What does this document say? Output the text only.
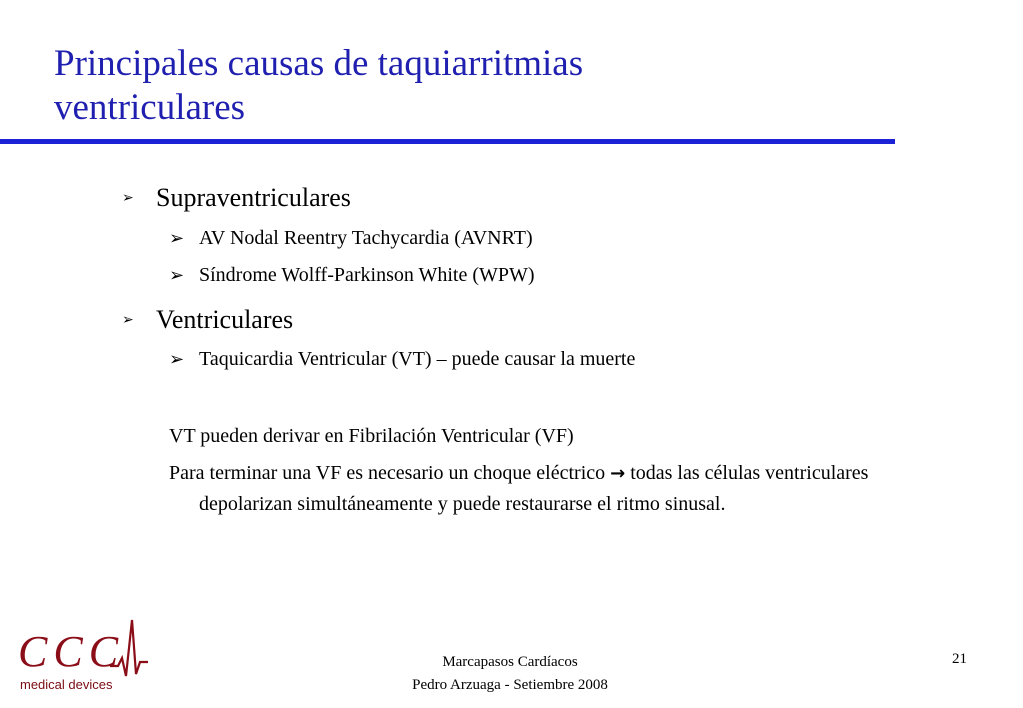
Principales causas de taquiarritmias
ventriculares
➢ Supraventriculares
➢ AV Nodal Reentry Tachycardia (AVNRT)
➢ Síndrome Wolff-Parkinson White (WPW)
➢ Ventriculares
➢ Taquicardia Ventricular (VT) – puede causar la muerte
VT pueden derivar en Fibrilación Ventricular (VF)
Para terminar una VF es necesario un choque eléctrico → todas las células ventriculares depolarizan simultáneamente y puede restaurarse el ritmo sinusal.
Marcapasos Cardíacos
Pedro Arzuaga - Setiembre 2008
21
CCC
medical devices
